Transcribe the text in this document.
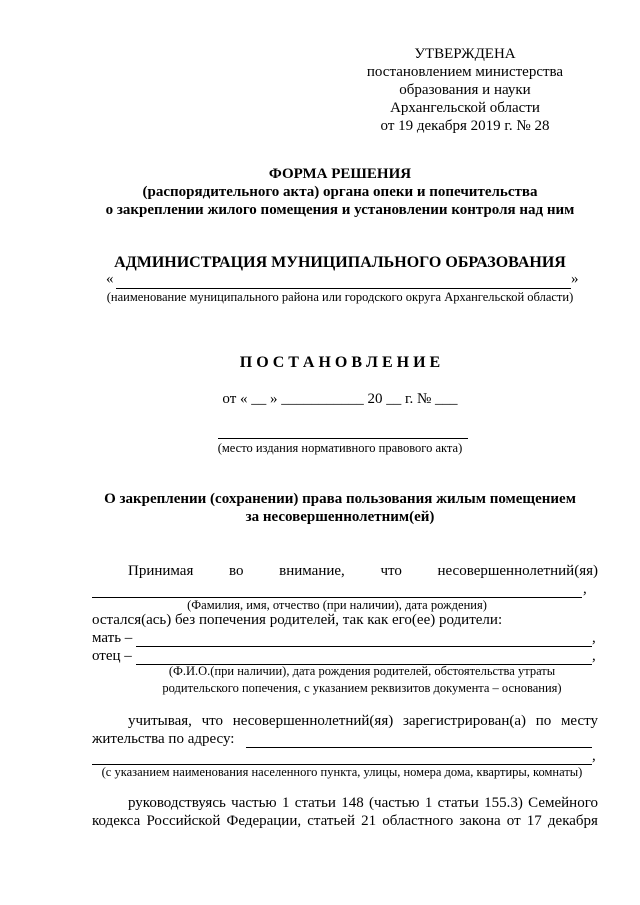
УТВЕРЖДЕНА
постановлением министерства
образования и науки
Архангельской области
от 19 декабря 2019 г. № 28
ФОРМА РЕШЕНИЯ
(распорядительного акта) органа опеки и попечительства
о закреплении жилого помещения и установлении контроля над ним
АДМИНИСТРАЦИЯ МУНИЦИПАЛЬНОГО ОБРАЗОВАНИЯ
«	»
(наименование муниципального района или городского округа Архангельской области)
П О С Т А Н О В Л Е Н И Е
от « __ » ___________ 20 __ г. № ___
(место издания нормативного правового акта)
О закреплении (сохранении) права пользования жилым помещением
за несовершеннолетним(ей)
Принимая во внимание, что несовершеннолетний(яя)
,
(Фамилия, имя, отчество (при наличии), дата рождения)
остался(ась) без попечения родителей, так как его(ее) родители:
мать –	,
отец –	,
(Ф.И.О.(при наличии), дата рождения родителей, обстоятельства утраты
родительского попечения, с указанием реквизитов документа – основания)
учитывая, что несовершеннолетний(яя) зарегистрирован(а) по месту
жительства по адресу:
,
(с указанием наименования населенного пункта, улицы, номера дома, квартиры, комнаты)
руководствуясь частью 1 статьи 148 (частью 1 статьи 155.3) Семейного
кодекса Российской Федерации, статьей 21 областного закона от 17 декабря
